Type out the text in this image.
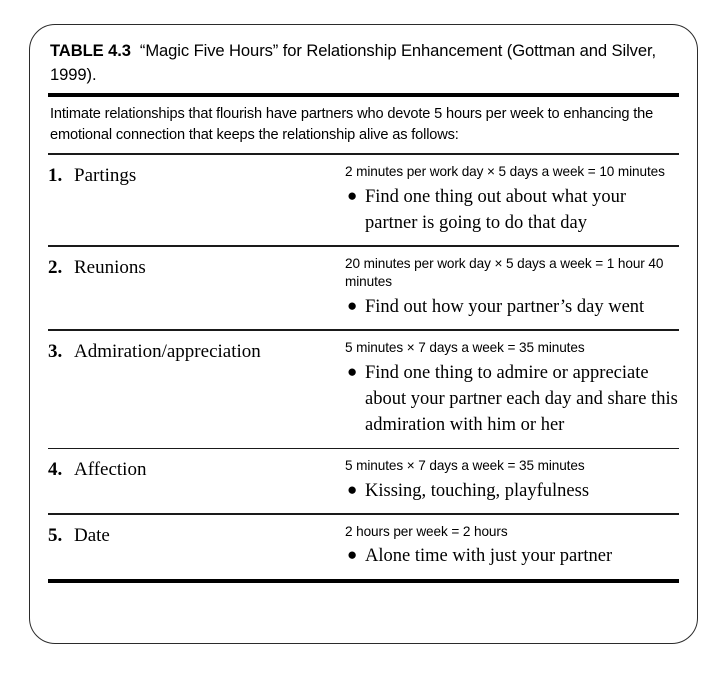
TABLE 4.3 “Magic Five Hours” for Relationship Enhancement (Gottman and Silver, 1999).
Intimate relationships that flourish have partners who devote 5 hours per week to enhancing the emotional connection that keeps the relationship alive as follows:
1. Partings	2 minutes per work day × 5 days a week = 10 minutes
● Find one thing out about what your partner is going to do that day
2. Reunions	20 minutes per work day × 5 days a week = 1 hour 40 minutes
● Find out how your partner’s day went
3. Admiration/appreciation	5 minutes × 7 days a week = 35 minutes
● Find one thing to admire or appreciate about your partner each day and share this admiration with him or her
4. Affection	5 minutes × 7 days a week = 35 minutes
● Kissing, touching, playfulness
5. Date	2 hours per week = 2 hours
● Alone time with just your partner
